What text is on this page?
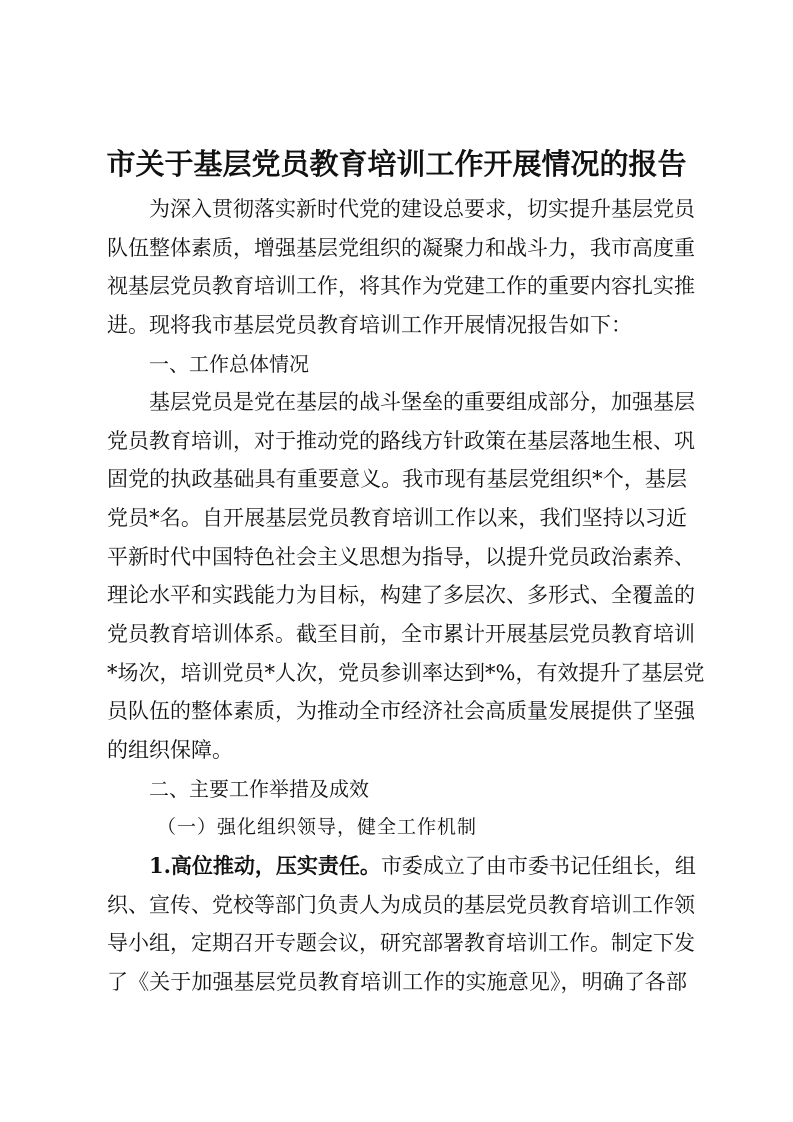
市关于基层党员教育培训工作开展情况的报告
为深入贯彻落实新时代党的建设总要求，切实提升基层党员
队伍整体素质，增强基层党组织的凝聚力和战斗力，我市高度重
视基层党员教育培训工作，将其作为党建工作的重要内容扎实推
进。现将我市基层党员教育培训工作开展情况报告如下：
一、工作总体情况
基层党员是党在基层的战斗堡垒的重要组成部分，加强基层
党员教育培训，对于推动党的路线方针政策在基层落地生根、巩
固党的执政基础具有重要意义。我市现有基层党组织*个，基层
党员*名。自开展基层党员教育培训工作以来，我们坚持以习近
平新时代中国特色社会主义思想为指导，以提升党员政治素养、
理论水平和实践能力为目标，构建了多层次、多形式、全覆盖的
党员教育培训体系。截至目前，全市累计开展基层党员教育培训
*场次，培训党员*人次，党员参训率达到*%，有效提升了基层党
员队伍的整体素质，为推动全市经济社会高质量发展提供了坚强
的组织保障。
二、主要工作举措及成效
（一）强化组织领导，健全工作机制
1.高位推动，压实责任。市委成立了由市委书记任组长，组
织、宣传、党校等部门负责人为成员的基层党员教育培训工作领
导小组，定期召开专题会议，研究部署教育培训工作。制定下发
了《关于加强基层党员教育培训工作的实施意见》，明确了各部
